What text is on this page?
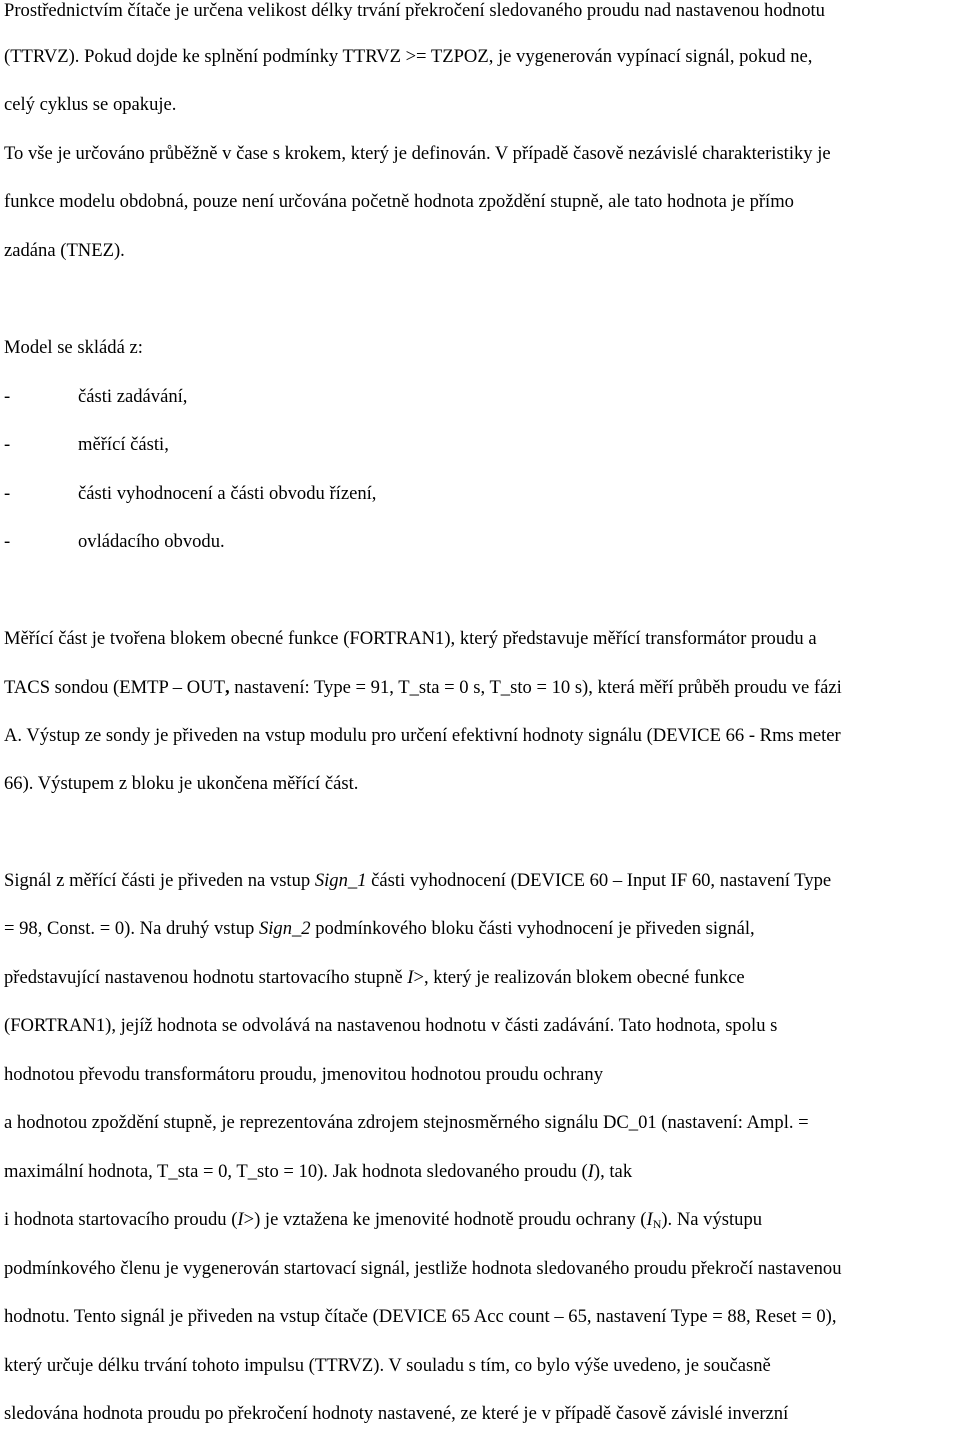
Prostřednictvím čítače je určena velikost délky trvání překročení sledovaného proudu nad nastavenou hodnotu
(TTRVZ). Pokud dojde ke splnění podmínky TTRVZ >= TZPOZ, je vygenerován vypínací signál, pokud ne,
celý cyklus se opakuje.
To vše je určováno průběžně v čase s krokem, který je definován. V případě časově nezávislé charakteristiky je
funkce modelu obdobná, pouze není určována početně hodnota zpoždění stupně, ale tato hodnota je přímo
zadána (TNEZ).
Model se skládá z:
-	části zadávání,
-	měřící části,
-	části vyhodnocení a části obvodu řízení,
-	ovládacího obvodu.
Měřící část je tvořena blokem obecné funkce (FORTRAN1), který představuje měřící transformátor proudu a
TACS sondou (EMTP – OUT, nastavení: Type = 91, T_sta = 0 s, T_sto = 10 s), která měří průběh proudu ve fázi
A. Výstup ze sondy je přiveden na vstup modulu pro určení efektivní hodnoty signálu (DEVICE 66 - Rms meter
66). Výstupem z bloku je ukončena měřící část.
Signál z měřící části je přiveden na vstup Sign_1 části vyhodnocení (DEVICE 60 – Input IF 60, nastavení Type
= 98, Const. = 0). Na druhý vstup Sign_2 podmínkového bloku části vyhodnocení je přiveden signál,
představující nastavenou hodnotu startovacího stupně I>, který je realizován blokem obecné funkce
(FORTRAN1), jejíž hodnota se odvolává na nastavenou hodnotu v části zadávání. Tato hodnota, spolu s
hodnotou převodu transformátoru proudu, jmenovitou hodnotou proudu ochrany
a hodnotou zpoždění stupně, je reprezentována zdrojem stejnosměrného signálu DC_01 (nastavení: Ampl. =
maximální hodnota, T_sta = 0, T_sto = 10). Jak hodnota sledovaného proudu (I), tak
i hodnota startovacího proudu (I>) je vztažena ke jmenovité hodnotě proudu ochrany $(I_N)$. Na výstupu
podmínkového členu je vygenerován startovací signál, jestliže hodnota sledovaného proudu překročí nastavenou
hodnotu. Tento signál je přiveden na vstup čítače (DEVICE 65 Acc count – 65, nastavení Type = 88, Reset = 0),
který určuje délku trvání tohoto impulsu (TTRVZ). V souladu s tím, co bylo výše uvedeno, je současně
sledována hodnota proudu po překročení hodnoty nastavené, ze které je v případě časově závislé inverzní
